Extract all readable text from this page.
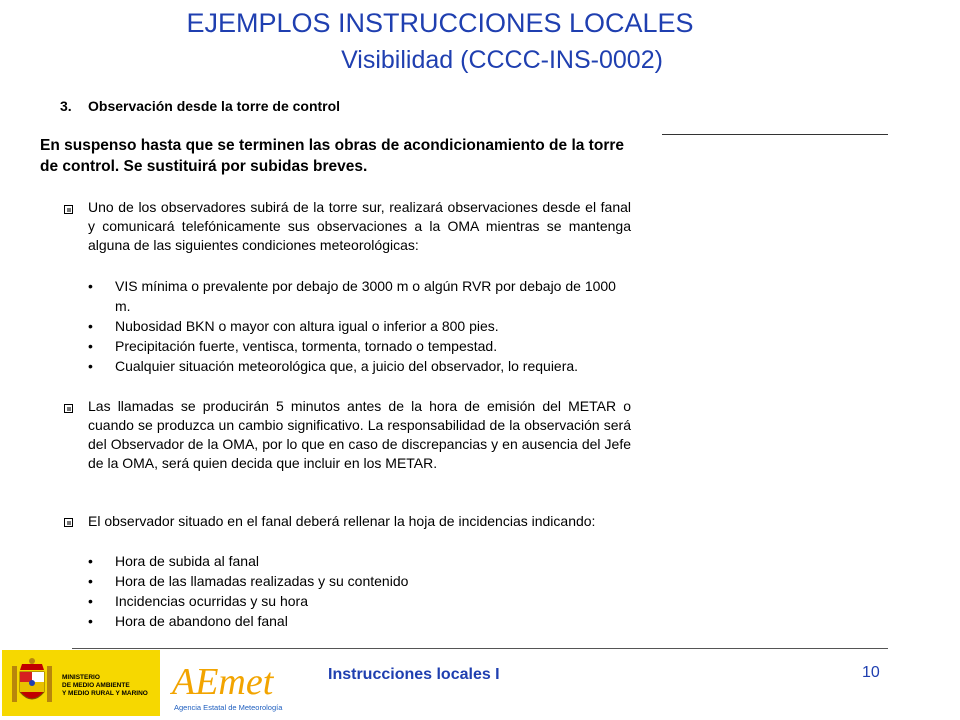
EJEMPLOS INSTRUCCIONES LOCALES
Visibilidad (CCCC-INS-0002)
3. Observación desde la torre de control
En suspenso hasta que se terminen las obras de acondicionamiento de la torre de control. Se sustituirá por subidas breves.
Uno de los observadores subirá de la torre sur, realizará observaciones desde el fanal y comunicará telefónicamente sus observaciones a la OMA mientras se mantenga alguna de las siguientes condiciones meteorológicas:
• VIS mínima o prevalente por debajo de 3000 m o algún RVR por debajo de 1000 m.
• Nubosidad BKN o mayor con altura igual o inferior a 800 pies.
• Precipitación fuerte, ventisca, tormenta, tornado o tempestad.
• Cualquier situación meteorológica que, a juicio del observador, lo requiera.
Las llamadas se producirán 5 minutos antes de la hora de emisión del METAR o cuando se produzca un cambio significativo. La responsabilidad de la observación será del Observador de la OMA, por lo que en caso de discrepancias y en ausencia del Jefe de la OMA, será quien decida que incluir en los METAR.
El observador situado en el fanal deberá rellenar la hoja de incidencias indicando:
• Hora de subida al fanal
• Hora de las llamadas realizadas y su contenido
• Incidencias ocurridas y su hora
• Hora de abandono del fanal
MINISTERIO
DE MEDIO AMBIENTE
Y MEDIO RURAL Y MARINO AEmet
Agencia Estatal de Meteorología
Instrucciones locales I	10
